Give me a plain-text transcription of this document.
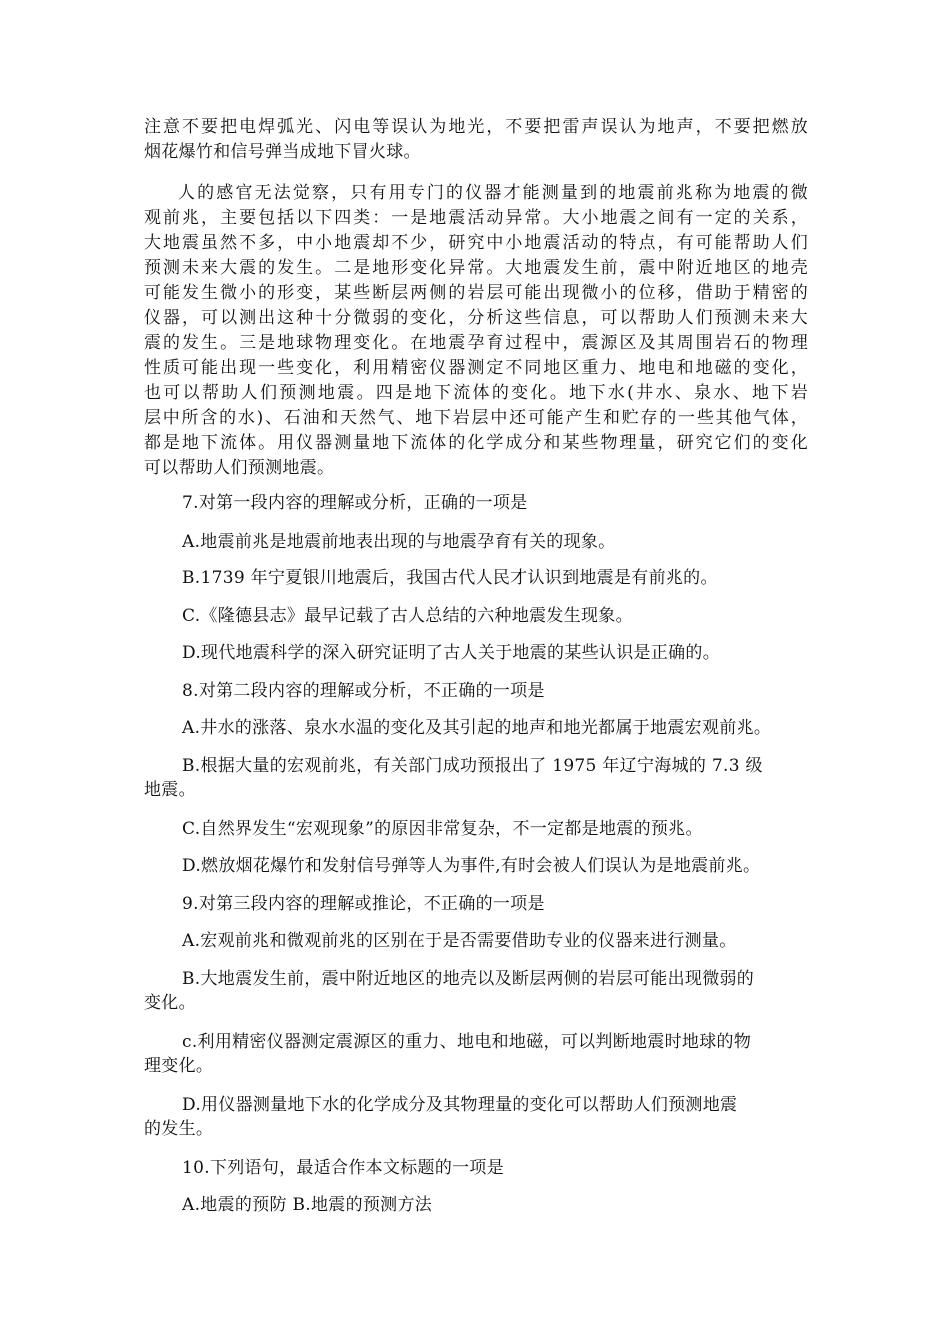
注意不要把电焊弧光、闪电等误认为地光，不要把雷声误认为地声，不要把燃放
烟花爆竹和信号弹当成地下冒火球。
人的感官无法觉察，只有用专门的仪器才能测量到的地震前兆称为地震的微
观前兆，主要包括以下四类：一是地震活动异常。大小地震之间有一定的关系，
大地震虽然不多，中小地震却不少，研究中小地震活动的特点，有可能帮助人们
预测未来大震的发生。二是地形变化异常。大地震发生前，震中附近地区的地壳
可能发生微小的形变，某些断层两侧的岩层可能出现微小的位移，借助于精密的
仪器，可以测出这种十分微弱的变化，分析这些信息，可以帮助人们预测未来大
震的发生。三是地球物理变化。在地震孕育过程中，震源区及其周围岩石的物理
性质可能出现一些变化，利用精密仪器测定不同地区重力、地电和地磁的变化，
也可以帮助人们预测地震。四是地下流体的变化。地下水(井水、泉水、地下岩
层中所含的水)、石油和天然气、地下岩层中还可能产生和贮存的一些其他气体，
都是地下流体。用仪器测量地下流体的化学成分和某些物理量，研究它们的变化
可以帮助人们预测地震。
7.对第一段内容的理解或分析，正确的一项是
A.地震前兆是地震前地表出现的与地震孕育有关的现象。
B.1739 年宁夏银川地震后，我国古代人民才认识到地震是有前兆的。
C.《隆德县志》最早记载了古人总结的六种地震发生现象。
D.现代地震科学的深入研究证明了古人关于地震的某些认识是正确的。
8.对第二段内容的理解或分析，不正确的一项是
A.井水的涨落、泉水水温的变化及其引起的地声和地光都属于地震宏观前兆。
B.根据大量的宏观前兆，有关部门成功预报出了 1975 年辽宁海城的 7.3 级
地震。
C.自然界发生“宏观现象”的原因非常复杂，不一定都是地震的预兆。
D.燃放烟花爆竹和发射信号弹等人为事件,有时会被人们误认为是地震前兆。
9.对第三段内容的理解或推论，不正确的一项是
A.宏观前兆和微观前兆的区别在于是否需要借助专业的仪器来进行测量。
B.大地震发生前，震中附近地区的地壳以及断层两侧的岩层可能出现微弱的
变化。
c.利用精密仪器测定震源区的重力、地电和地磁，可以判断地震时地球的物
理变化。
D.用仪器测量地下水的化学成分及其物理量的变化可以帮助人们预测地震
的发生。
10.下列语句，最适合作本文标题的一项是
A.地震的预防 B.地震的预测方法
